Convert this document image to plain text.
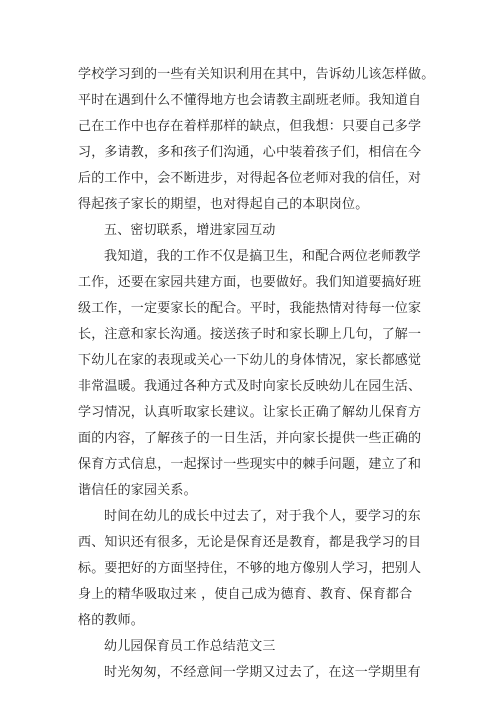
学校学习到的一些有关知识利用在其中，告诉幼儿该怎样做。
平时在遇到什么不懂得地方也会请教主副班老师。我知道自
己在工作中也存在着样那样的缺点，但我想：只要自己多学
习，多请教，多和孩子们沟通，心中装着孩子们，相信在今
后的工作中，会不断进步，对得起各位老师对我的信任，对
得起孩子家长的期望，也对得起自己的本职岗位。
五、密切联系，增进家园互动
我知道，我的工作不仅是搞卫生，和配合两位老师教学
工作，还要在家园共建方面，也要做好。我们知道要搞好班
级工作，一定要家长的配合。平时，我能热情对待每一位家
长，注意和家长沟通。接送孩子时和家长聊上几句，了解一
下幼儿在家的表现或关心一下幼儿的身体情况，家长都感觉
非常温暖。我通过各种方式及时向家长反映幼儿在园生活、
学习情况，认真听取家长建议。让家长正确了解幼儿保育方
面的内容，了解孩子的一日生活，并向家长提供一些正确的
保育方式信息，一起探讨一些现实中的棘手问题，建立了和
谐信任的家园关系。
时间在幼儿的成长中过去了，对于我个人，要学习的东
西、知识还有很多，无论是保育还是教育，都是我学习的目
标。要把好的方面坚持住，不够的地方像别人学习，把别人
身上的精华吸取过来 ，使自己成为德育、教育、保育都合
格的教师。
幼儿园保育员工作总结范文三
时光匆匆，不经意间一学期又过去了，在这一学期里有
